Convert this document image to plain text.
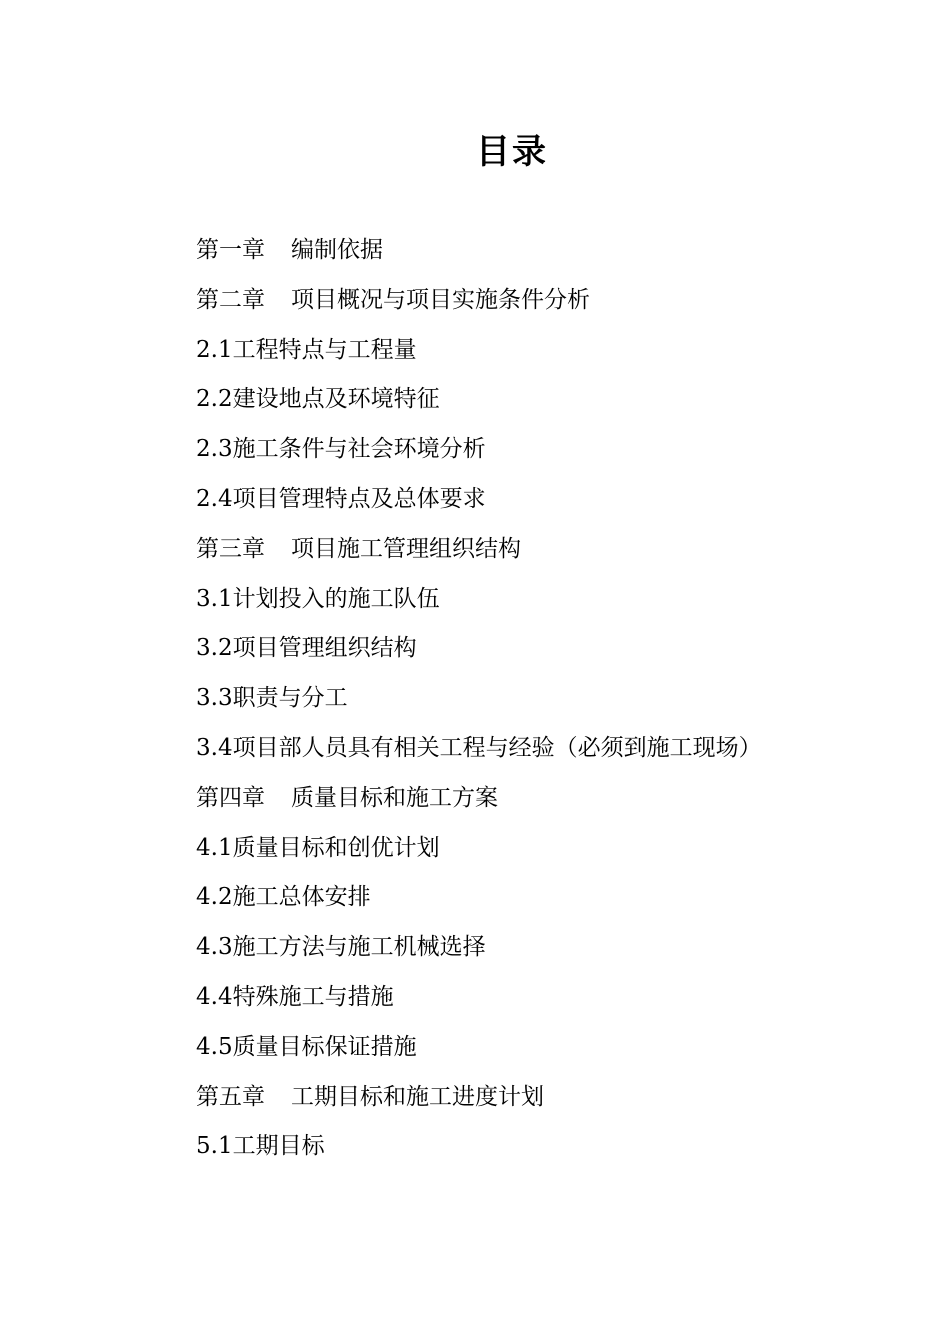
目录
第一章 编制依据
第二章 项目概况与项目实施条件分析
2.1工程特点与工程量
2.2建设地点及环境特征
2.3施工条件与社会环境分析
2.4项目管理特点及总体要求
第三章 项目施工管理组织结构
3.1计划投入的施工队伍
3.2项目管理组织结构
3.3职责与分工
3.4项目部人员具有相关工程与经验（必须到施工现场）
第四章 质量目标和施工方案
4.1质量目标和创优计划
4.2施工总体安排
4.3施工方法与施工机械选择
4.4特殊施工与措施
4.5质量目标保证措施
第五章 工期目标和施工进度计划
5.1工期目标
